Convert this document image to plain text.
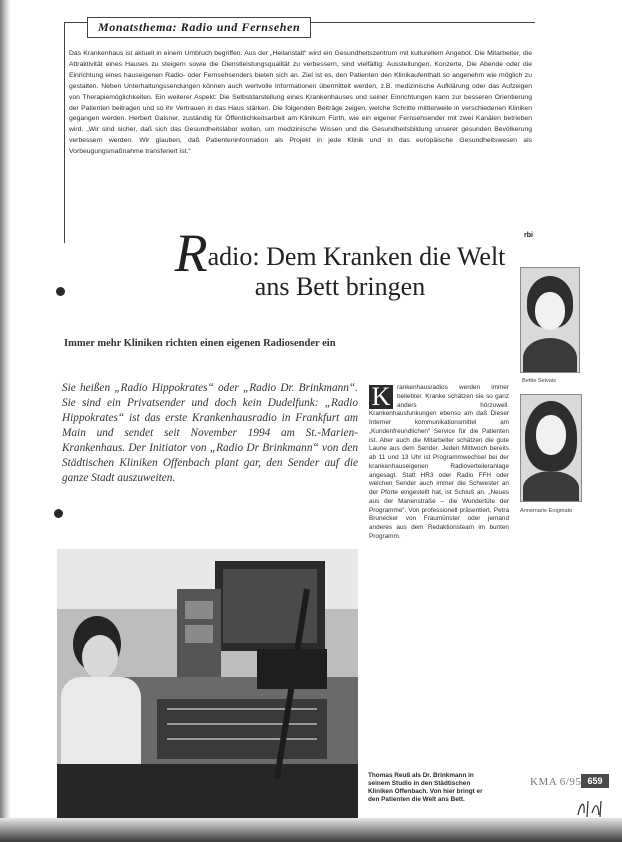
Monatsthema: Radio und Fernsehen
Das Krankenhaus ist aktuell in einem Umbruch begriffen. Aus der „Heilanstalt“ wird ein Gesundheitszentrum mit kulturellem Angebot. Die Mitarbeiter, die Attraktivität eines Hauses zu steigern sowie die Dienstleistungsqualität zu verbessern, sind vielfältig: Ausstellungen, Konzerte, Die Abende oder die Einrichtung eines hauseigenen Radio- oder Fernsehsenders bieten sich an. Ziel ist es, den Patienten den Klinikaufenthalt so angenehm wie möglich zu gestalten. Neben Unterhaltungssendungen können auch wertvolle Informationen übermittelt werden, z.B. medizinische Aufklärung oder das Aufzeigen von Therapiemöglichkeiten. Ein weiterer Aspekt: Die Selbstdarstellung eines Krankenhauses und seiner Einrichtungen kann zur besseren Orientierung der Patienten beitragen und so ihr Vertrauen in das Haus stärken. Die folgenden Beiträge zeigen, welche Schritte mittlerweile in verschiedenen Kliniken gegangen werden. Herbert Galsner, zuständig für Öffentlichkeitsarbeit am Klinikum Fürth, wie ein eigener Fernsehsender mit zwei Kanälen betrieben wird. „Wir sind sicher, daß sich das Gesundheitslabor wollen, um medizinische Wissen und die Gesundheitsbildung unserer gesunden Bevölkerung verbessern werden. Wir glauben, daß Patienteninformation als Projekt in jede Klinik und in das europäische Gesundheitswesen als Vorbeugungsmaßnahme transferiert ist.“
rbi
Radio: Dem Kranken die Welt
ans Bett bringen
Immer mehr Kliniken richten einen eigenen Radiosender ein
Bettie Selvais
Annemarie Enigmato
Sie heißen „Radio Hippokrates“ oder „Radio Dr. Brinkmann“. Sie sind ein Privatsender und doch kein Dudelfunk: „Radio Hippokrates“ ist das erste Krankenhausradio in Frankfurt am Main und sendet seit November 1994 am St.-Marien-Krankenhaus. Der Initiator von „Radio Dr Brinkmann“ von den Städtischen Kliniken Offenbach plant gar, den Sender auf die ganze Stadt auszuweiten.
K	rankenhausradios werden immer beliebter. Kranke schätzen sie so ganz anders hörzuwell. Krankenhausfunkungen ebenso am daß Dieser Interner kommunikationsmittel am „Kundenfreundlichen“ Service für die Patienten ist. Aber auch die Mitarbeiter schätzen die gute Laune aus dem Sender. Jeden Mittwoch bereits ab 11 und 13 Uhr ist Programmwechsel bei der krankenhauseigenen Radioverteileranlage angesagt. Statt HR3 oder Radio FFH oder welchen Sender auch immer die Schwester an der Pforte eingestellt hat, ist Schluß an. „Neues aus der Marienstraße – die Wundertüte der Programme“. Von professionell präsentiert, Petra Brunecker von Fraumünster oder jemand anderes aus dem Redaktionsteam im bunten Programm.
Thomas Reuß als Dr. Brinkmann in seinem Studio in den Städtischen Kliniken Offenbach. Von hier bringt er den Patienten die Welt ans Bett.
KMA 6/95 659
